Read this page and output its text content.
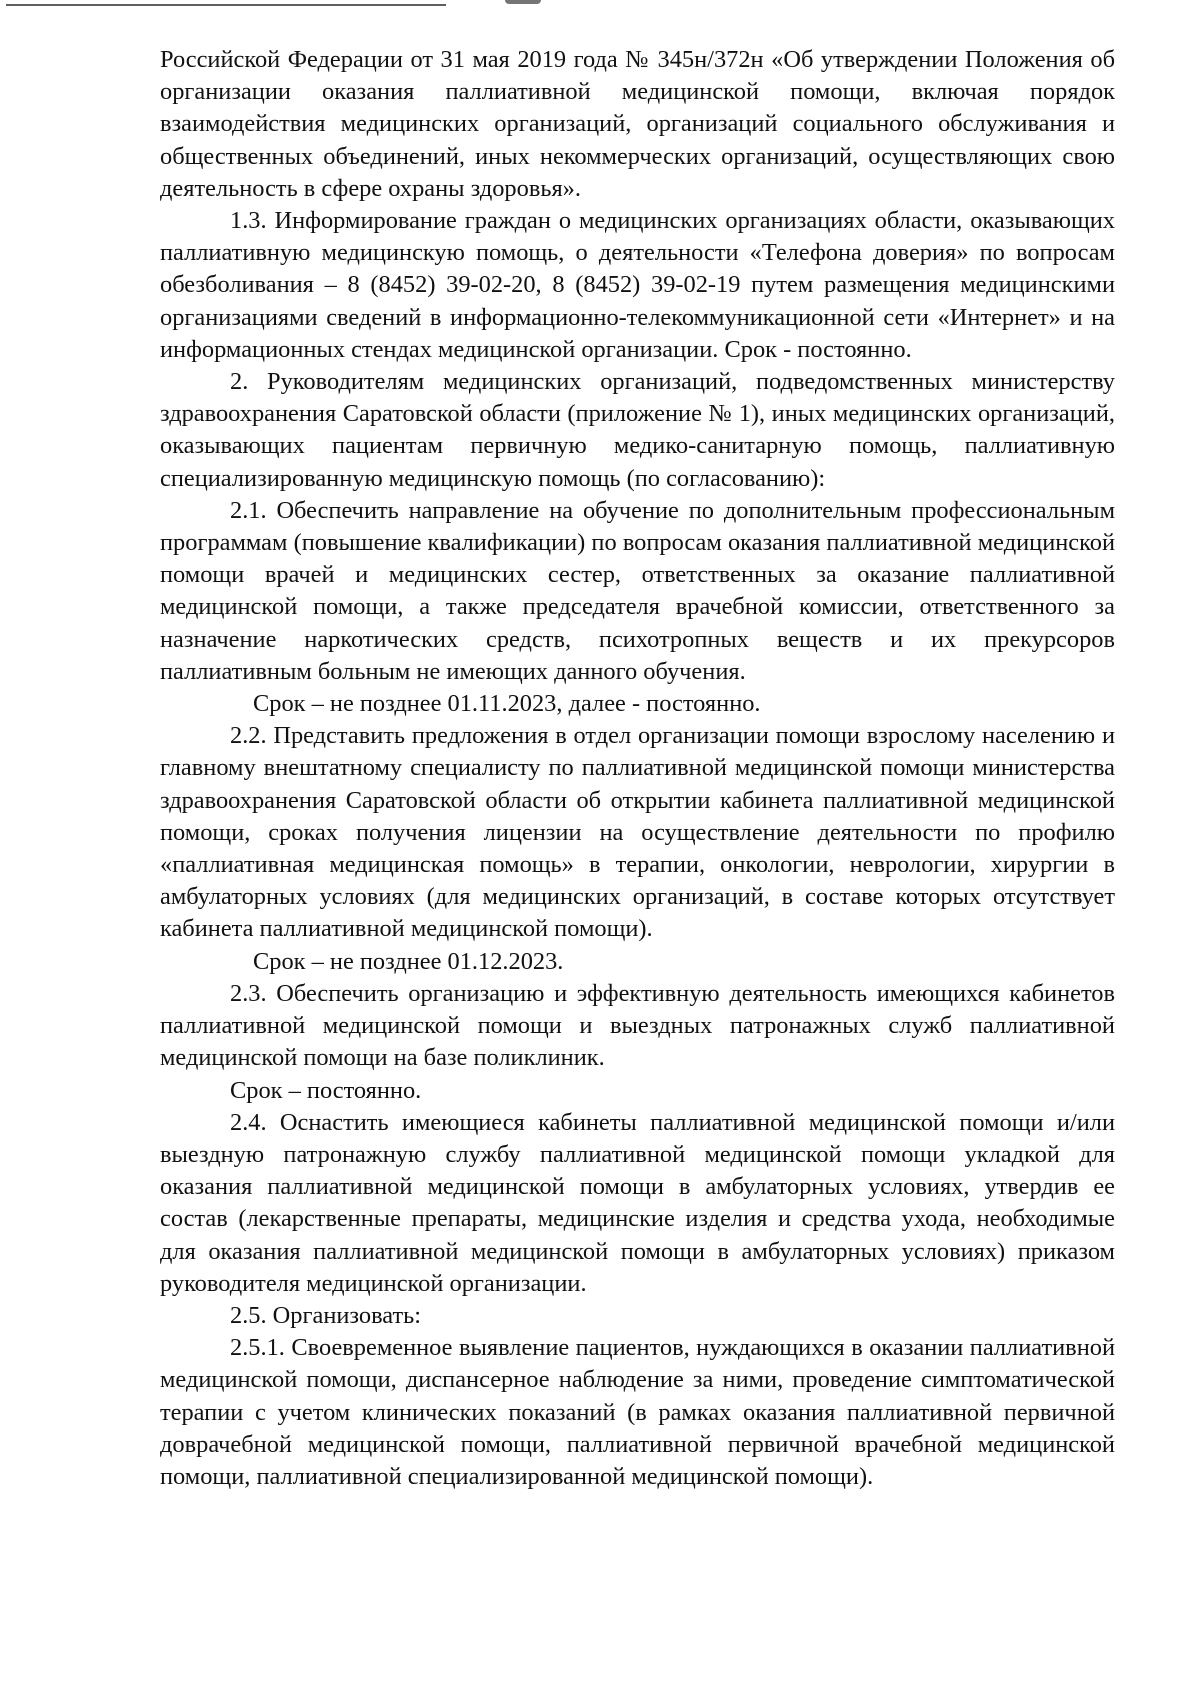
Российской Федерации от 31 мая 2019 года № 345н/372н «Об утверждении Положения об организации оказания паллиативной медицинской помощи, включая порядок взаимодействия медицинских организаций, организаций социального обслуживания и общественных объединений, иных некоммерческих организаций, осуществляющих свою деятельность в сфере охраны здоровья».

1.3. Информирование граждан о медицинских организациях области, оказывающих паллиативную медицинскую помощь, о деятельности «Телефона доверия» по вопросам обезболивания – 8 (8452) 39-02-20, 8 (8452) 39-02-19 путем размещения медицинскими организациями сведений в информационно-телекоммуникационной сети «Интернет» и на информационных стендах медицинской организации. Срок - постоянно.

2. Руководителям медицинских организаций, подведомственных министерству здравоохранения Саратовской области (приложение № 1), иных медицинских организаций, оказывающих пациентам первичную медико-санитарную помощь, паллиативную специализированную медицинскую помощь (по согласованию):

2.1. Обеспечить направление на обучение по дополнительным профессиональным программам (повышение квалификации) по вопросам оказания паллиативной медицинской помощи врачей и медицинских сестер, ответственных за оказание паллиативной медицинской помощи, а также председателя врачебной комиссии, ответственного за назначение наркотических средств, психотропных веществ и их прекурсоров паллиативным больным не имеющих данного обучения.

Срок – не позднее 01.11.2023, далее - постоянно.

2.2. Представить предложения в отдел организации помощи взрослому населению и главному внештатному специалисту по паллиативной медицинской помощи министерства здравоохранения Саратовской области об открытии кабинета паллиативной медицинской помощи, сроках получения лицензии на осуществление деятельности по профилю «паллиативная медицинская помощь» в терапии, онкологии, неврологии, хирургии в амбулаторных условиях (для медицинских организаций, в составе которых отсутствует кабинета паллиативной медицинской помощи).

Срок – не позднее 01.12.2023.

2.3. Обеспечить организацию и эффективную деятельность имеющихся кабинетов паллиативной медицинской помощи и выездных патронажных служб паллиативной медицинской помощи на базе поликлиник.

Срок – постоянно.

2.4. Оснастить имеющиеся кабинеты паллиативной медицинской помощи и/или выездную патронажную службу паллиативной медицинской помощи укладкой для оказания паллиативной медицинской помощи в амбулаторных условиях, утвердив ее состав (лекарственные препараты, медицинские изделия и средства ухода, необходимые для оказания паллиативной медицинской помощи в амбулаторных условиях) приказом руководителя медицинской организации.

2.5. Организовать:

2.5.1. Своевременное выявление пациентов, нуждающихся в оказании паллиативной медицинской помощи, диспансерное наблюдение за ними, проведение симптоматической терапии с учетом клинических показаний (в рамках оказания паллиативной первичной доврачебной медицинской помощи, паллиативной первичной врачебной медицинской помощи, паллиативной специализированной медицинской помощи).
